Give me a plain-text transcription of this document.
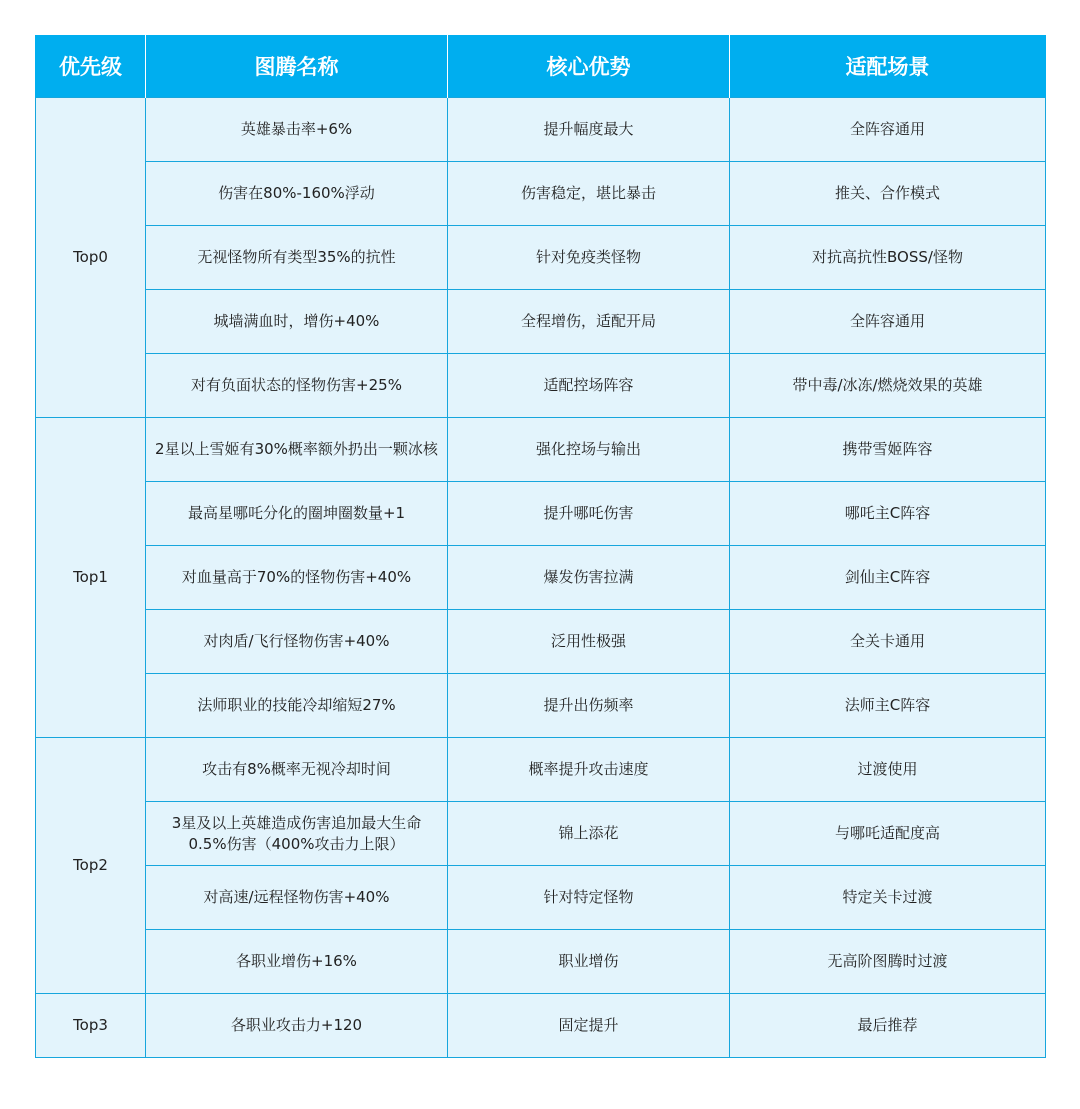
优先级	图腾名称	核心优势	适配场景
Top0	英雄暴击率+6%	提升幅度最大	全阵容通用
	伤害在80%-160%浮动	伤害稳定，堪比暴击	推关、合作模式
	无视怪物所有类型35%的抗性	针对免疫类怪物	对抗高抗性BOSS/怪物
	城墙满血时，增伤+40%	全程增伤，适配开局	全阵容通用
	对有负面状态的怪物伤害+25%	适配控场阵容	带中毒/冰冻/燃烧效果的英雄
Top1	2星以上雪姬有30%概率额外扔出一颗冰核	强化控场与输出	携带雪姬阵容
	最高星哪吒分化的圈坤圈数量+1	提升哪吒伤害	哪吒主C阵容
	对血量高于70%的怪物伤害+40%	爆发伤害拉满	剑仙主C阵容
	对肉盾/飞行怪物伤害+40%	泛用性极强	全关卡通用
	法师职业的技能冷却缩短27%	提升出伤频率	法师主C阵容
Top2	攻击有8%概率无视冷却时间	概率提升攻击速度	过渡使用
	3星及以上英雄造成伤害追加最大生命0.5%伤害（400%攻击力上限）	锦上添花	与哪吒适配度高
	对高速/远程怪物伤害+40%	针对特定怪物	特定关卡过渡
	各职业增伤+16%	职业增伤	无高阶图腾时过渡
Top3	各职业攻击力+120	固定提升	最后推荐
